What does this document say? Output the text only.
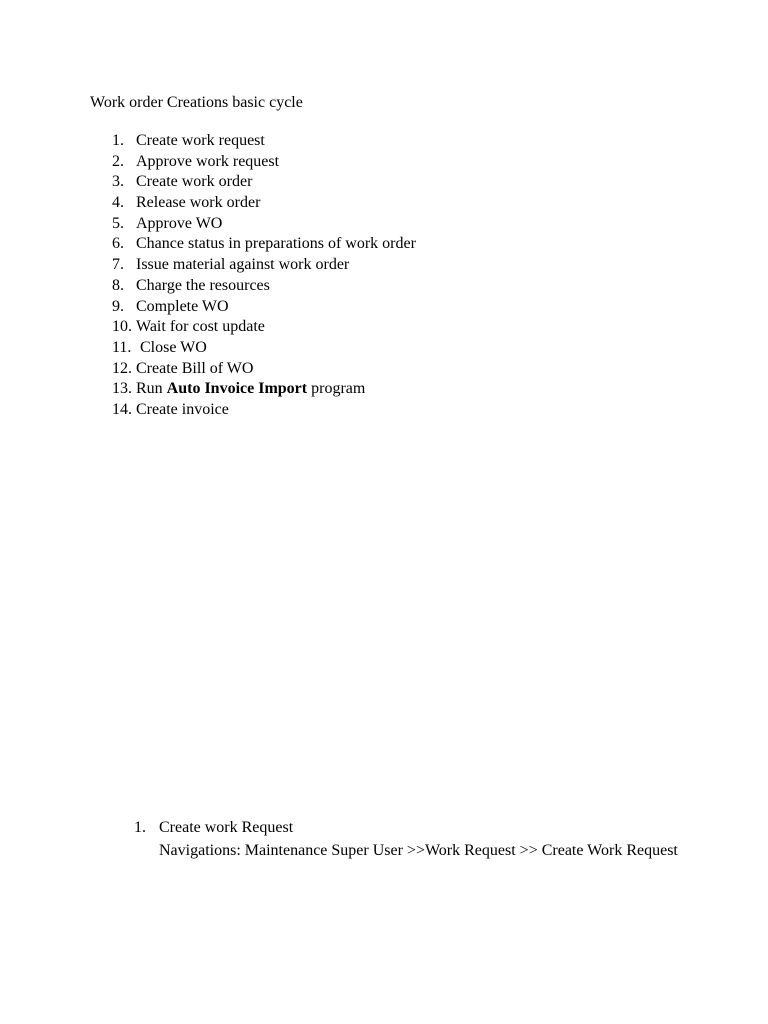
Work order Creations basic cycle
1. Create work request
2. Approve work request
3. Create work order
4. Release work order
5. Approve WO
6. Chance status in preparations of work order
7. Issue material against work order
8. Charge the resources
9. Complete WO
10. Wait for cost update
11. Close WO
12. Create Bill of WO
13. Run Auto Invoice Import program
14. Create invoice
1. Create work Request
Navigations: Maintenance Super User >>Work Request >> Create Work Request
